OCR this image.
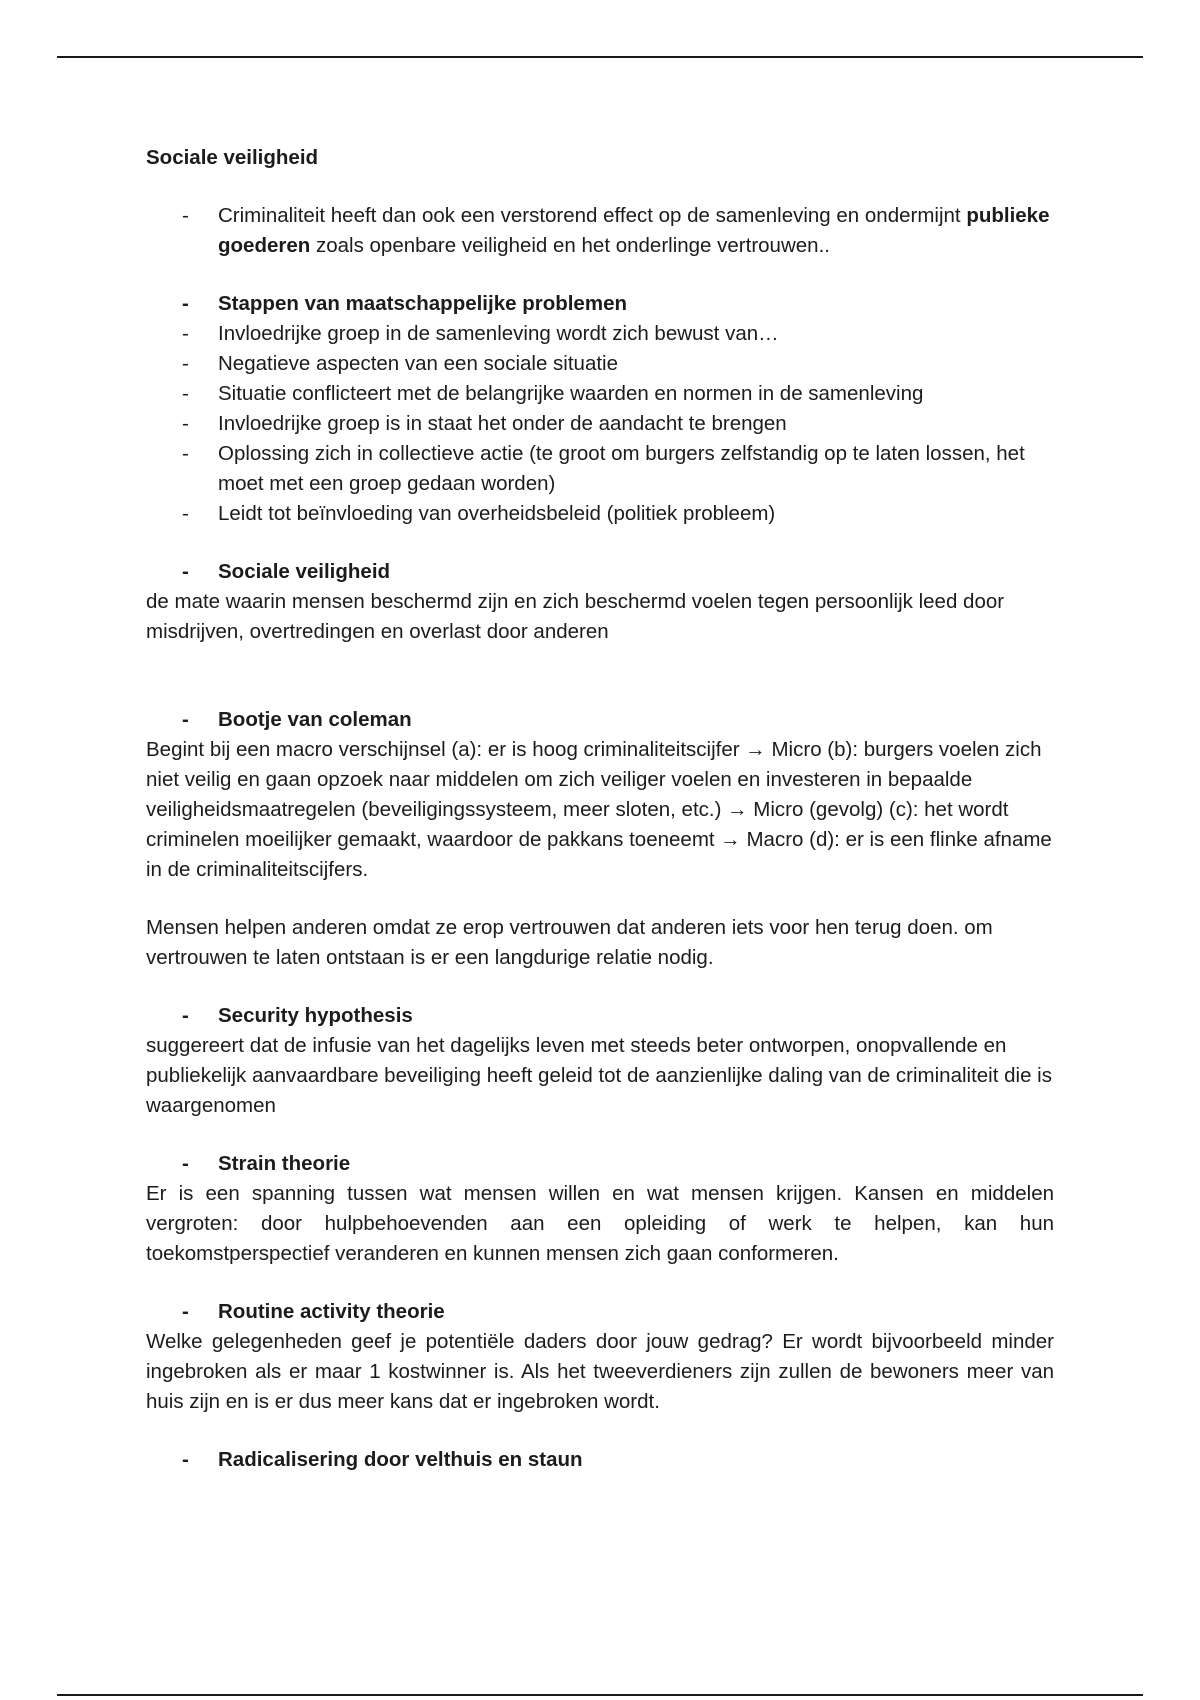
Sociale veiligheid

- Criminaliteit heeft dan ook een verstorend effect op de samenleving en ondermijnt publieke goederen zoals openbare veiligheid en het onderlinge vertrouwen..
- Stappen van maatschappelijke problemen
- Invloedrijke groep in de samenleving wordt zich bewust van…
- Negatieve aspecten van een sociale situatie
- Situatie conflicteert met de belangrijke waarden en normen in de samenleving
- Invloedrijke groep is in staat het onder de aandacht te brengen
- Oplossing zich in collectieve actie (te groot om burgers zelfstandig op te laten lossen, het moet met een groep gedaan worden)
- Leidt tot beïnvloeding van overheidsbeleid (politiek probleem)
- Sociale veiligheid

de mate waarin mensen beschermd zijn en zich beschermd voelen tegen persoonlijk leed door misdrijven, overtredingen en overlast door anderen

- Bootje van coleman

Begint bij een macro verschijnsel (a): er is hoog criminaliteitscijfer → Micro (b): burgers voelen zich niet veilig en gaan opzoek naar middelen om zich veiliger voelen en investeren in bepaalde veiligheidsmaatregelen (beveiligingssysteem, meer sloten, etc.) → Micro (gevolg) (c): het wordt criminelen moeilijker gemaakt, waardoor de pakkans toeneemt → Macro (d): er is een flinke afname in de criminaliteitscijfers.

Mensen helpen anderen omdat ze erop vertrouwen dat anderen iets voor hen terug doen. om vertrouwen te laten ontstaan is er een langdurige relatie nodig.

- Security hypothesis

suggereert dat de infusie van het dagelijks leven met steeds beter ontworpen, onopvallende en publiekelijk aanvaardbare beveiliging heeft geleid tot de aanzienlijke daling van de criminaliteit die is waargenomen

- Strain theorie

Er is een spanning tussen wat mensen willen en wat mensen krijgen. Kansen en middelen vergroten: door hulpbehoevenden aan een opleiding of werk te helpen, kan hun toekomstperspectief veranderen en kunnen mensen zich gaan conformeren.

- Routine activity theorie

Welke gelegenheden geef je potentiële daders door jouw gedrag? Er wordt bijvoorbeeld minder ingebroken als er maar 1 kostwinner is. Als het tweeverdieners zijn zullen de bewoners meer van huis zijn en is er dus meer kans dat er ingebroken wordt.

- Radicalisering door velthuis en staun
